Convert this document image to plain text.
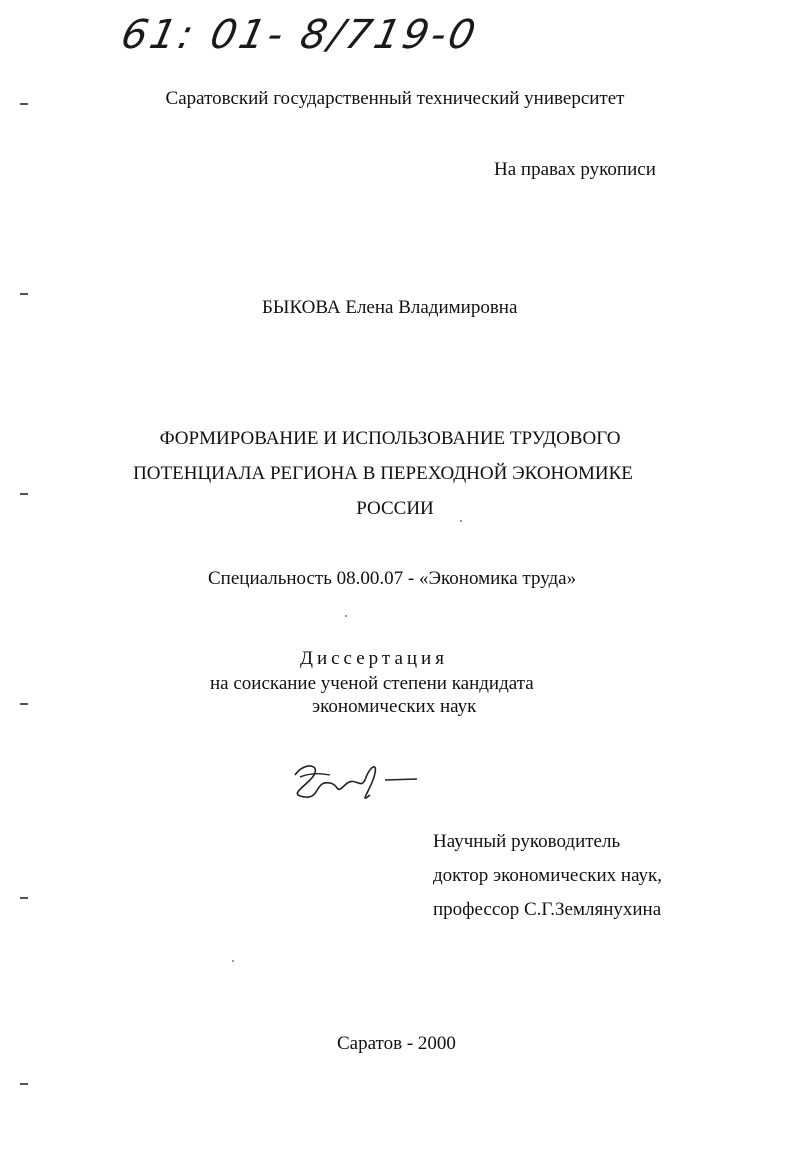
61: 01- 8/719-0
Саратовский государственный технический университет
На правах рукописи
БЫКОВА Елена Владимировна
ФОРМИРОВАНИЕ И ИСПОЛЬЗОВАНИЕ ТРУДОВОГО
ПОТЕНЦИАЛА РЕГИОНА В ПЕРЕХОДНОЙ ЭКОНОМИКЕ
РОССИИ
Специальность 08.00.07 - «Экономика труда»
Диссертация
на соискание ученой степени кандидата
экономических наук
Научный руководитель
доктор экономических наук,
профессор С.Г.Землянухина
Саратов - 2000
